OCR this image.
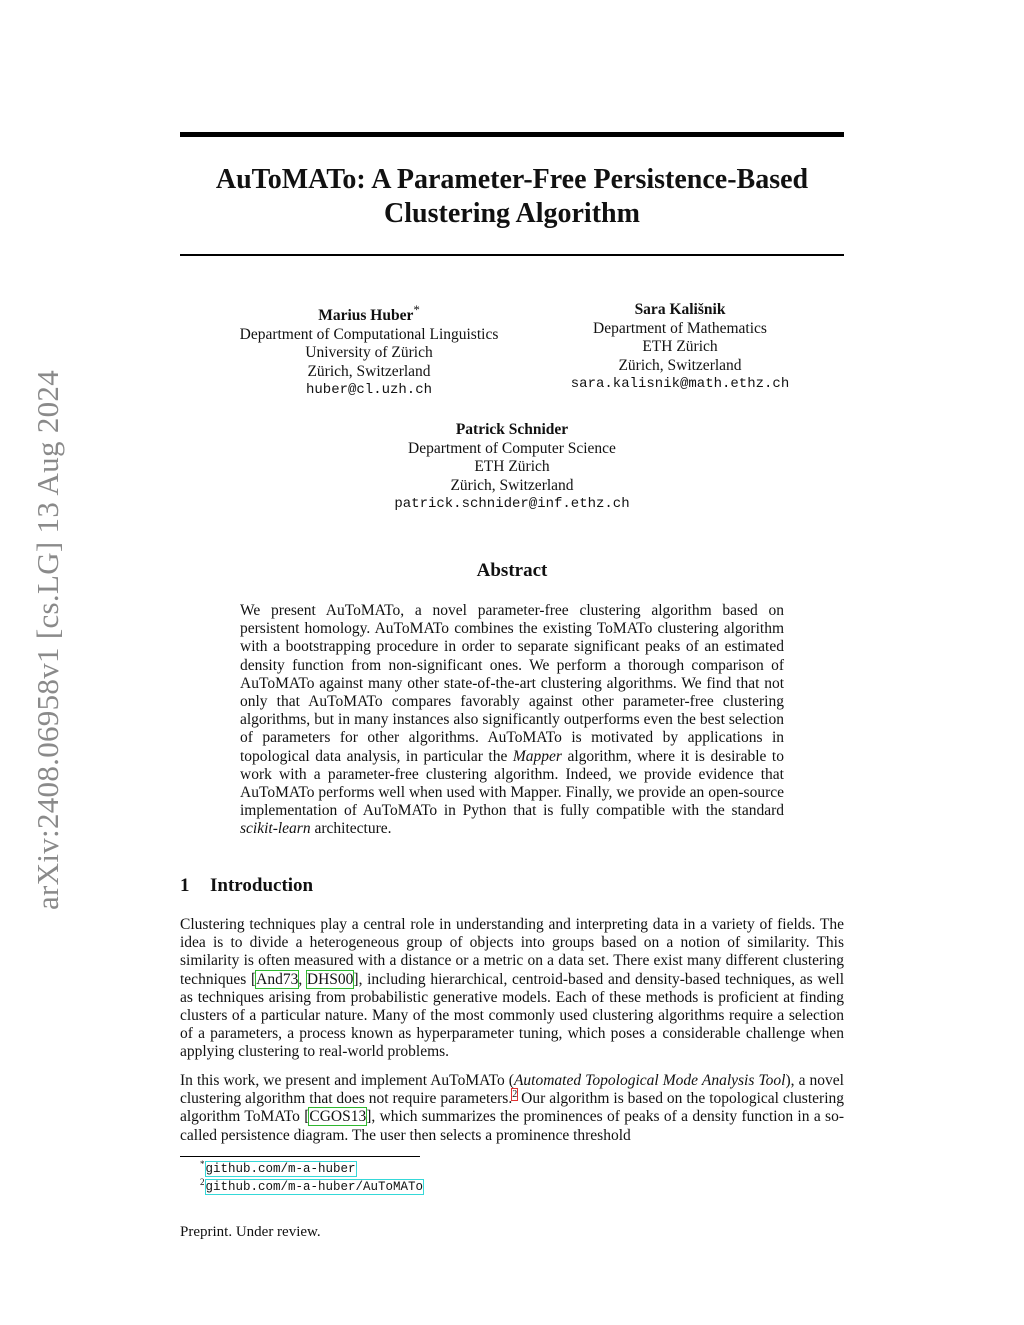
arXiv:2408.06958v1 [cs.LG] 13 Aug 2024
AuToMATo: A Parameter-Free Persistence-Based Clustering Algorithm
Marius Huber*
Department of Computational Linguistics
University of Zürich
Zürich, Switzerland
huber@cl.uzh.ch
Sara Kališnik
Department of Mathematics
ETH Zürich
Zürich, Switzerland
sara.kalisnik@math.ethz.ch
Patrick Schnider
Department of Computer Science
ETH Zürich
Zürich, Switzerland
patrick.schnider@inf.ethz.ch
Abstract
We present AuToMATo, a novel parameter-free clustering algorithm based on persistent homology. AuToMATo combines the existing ToMATo clustering algorithm with a bootstrapping procedure in order to separate significant peaks of an estimated density function from non-significant ones. We perform a thorough comparison of AuToMATo against many other state-of-the-art clustering algorithms. We find that not only that AuToMATo compares favorably against other parameter-free clustering algorithms, but in many instances also significantly outperforms even the best selection of parameters for other algorithms. AuToMATo is motivated by applications in topological data analysis, in particular the Mapper algorithm, where it is desirable to work with a parameter-free clustering algorithm. Indeed, we provide evidence that AuToMATo performs well when used with Mapper. Finally, we provide an open-source implementation of AuToMATo in Python that is fully compatible with the standard scikit-learn architecture.
1 Introduction
Clustering techniques play a central role in understanding and interpreting data in a variety of fields. The idea is to divide a heterogeneous group of objects into groups based on a notion of similarity. This similarity is often measured with a distance or a metric on a data set. There exist many different clustering techniques [And73, DHS00], including hierarchical, centroid-based and density-based techniques, as well as techniques arising from probabilistic generative models. Each of these methods is proficient at finding clusters of a particular nature. Many of the most commonly used clustering algorithms require a selection of a parameters, a process known as hyperparameter tuning, which poses a considerable challenge when applying clustering to real-world problems.
In this work, we present and implement AuToMATo (Automated Topological Mode Analysis Tool), a novel clustering algorithm that does not require parameters.$^2$ Our algorithm is based on the topological clustering algorithm ToMATo [CGOS13], which summarizes the prominences of peaks of a density function in a so-called persistence diagram. The user then selects a prominence threshold
*github.com/m-a-huber
$^2$github.com/m-a-huber/AuToMATo
Preprint. Under review.
